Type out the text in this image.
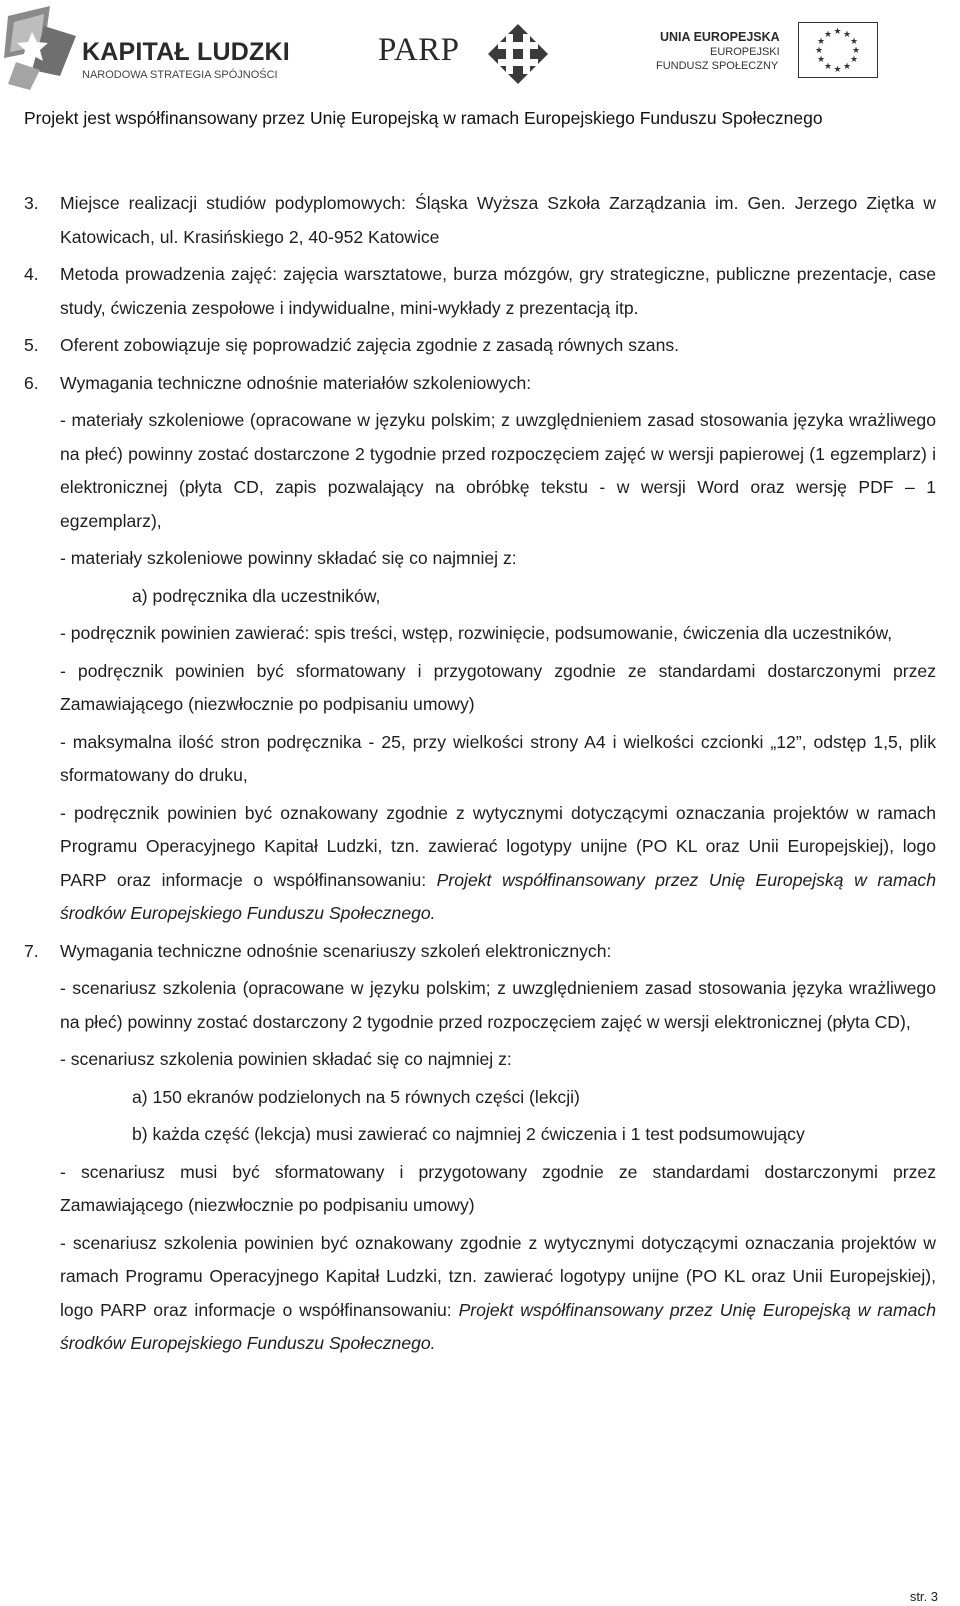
KAPITAŁ LUDZKI
NARODOWA STRATEGIA SPÓJNOŚCI
PARP	UNIA EUROPEJSKA
EUROPEJSKI
FUNDUSZ SPOŁECZNY
★ ★
★
★
★
★
★
★
★
★
★
★
Projekt jest współfinansowany przez Unię Europejską w ramach Europejskiego Funduszu Społecznego
3. Miejsce realizacji studiów podyplomowych: Śląska Wyższa Szkoła Zarządzania im. Gen. Jerzego Ziętka w Katowicach, ul. Krasińskiego 2, 40-952 Katowice
4. Metoda prowadzenia zajęć: zajęcia warsztatowe, burza mózgów, gry strategiczne, publiczne prezentacje, case study, ćwiczenia zespołowe i indywidualne, mini-wykłady z prezentacją itp.
5. Oferent zobowiązuje się poprowadzić zajęcia zgodnie z zasadą równych szans.
6. Wymagania techniczne odnośnie materiałów szkoleniowych:
- materiały szkoleniowe (opracowane w języku polskim; z uwzględnieniem zasad stosowania języka wrażliwego na płeć) powinny zostać dostarczone 2 tygodnie przed rozpoczęciem zajęć w wersji papierowej (1 egzemplarz) i elektronicznej (płyta CD, zapis pozwalający na obróbkę tekstu - w wersji Word oraz wersję PDF – 1 egzemplarz),
- materiały szkoleniowe powinny składać się co najmniej z:
a) podręcznika dla uczestników,
- podręcznik powinien zawierać: spis treści, wstęp, rozwinięcie, podsumowanie, ćwiczenia dla uczestników,
- podręcznik powinien być sformatowany i przygotowany zgodnie ze standardami dostarczonymi przez Zamawiającego (niezwłocznie po podpisaniu umowy)
- maksymalna ilość stron podręcznika - 25, przy wielkości strony A4 i wielkości czcionki „12”, odstęp 1,5, plik sformatowany do druku,
- podręcznik powinien być oznakowany zgodnie z wytycznymi dotyczącymi oznaczania projektów w ramach Programu Operacyjnego Kapitał Ludzki, tzn. zawierać logotypy unijne (PO KL oraz Unii Europejskiej), logo PARP oraz informacje o współfinansowaniu: Projekt współfinansowany przez Unię Europejską w ramach środków Europejskiego Funduszu Społecznego.
7. Wymagania techniczne odnośnie scenariuszy szkoleń elektronicznych:
- scenariusz szkolenia (opracowane w języku polskim; z uwzględnieniem zasad stosowania języka wrażliwego na płeć) powinny zostać dostarczony 2 tygodnie przed rozpoczęciem zajęć w wersji elektronicznej (płyta CD),
- scenariusz szkolenia powinien składać się co najmniej z:
a) 150 ekranów podzielonych na 5 równych części (lekcji)
b) każda część (lekcja) musi zawierać co najmniej 2 ćwiczenia i 1 test podsumowujący
- scenariusz musi być sformatowany i przygotowany zgodnie ze standardami dostarczonymi przez Zamawiającego (niezwłocznie po podpisaniu umowy)
- scenariusz szkolenia powinien być oznakowany zgodnie z wytycznymi dotyczącymi oznaczania projektów w ramach Programu Operacyjnego Kapitał Ludzki, tzn. zawierać logotypy unijne (PO KL oraz Unii Europejskiej), logo PARP oraz informacje o współfinansowaniu: Projekt współfinansowany przez Unię Europejską w ramach środków Europejskiego Funduszu Społecznego.
str. 3
